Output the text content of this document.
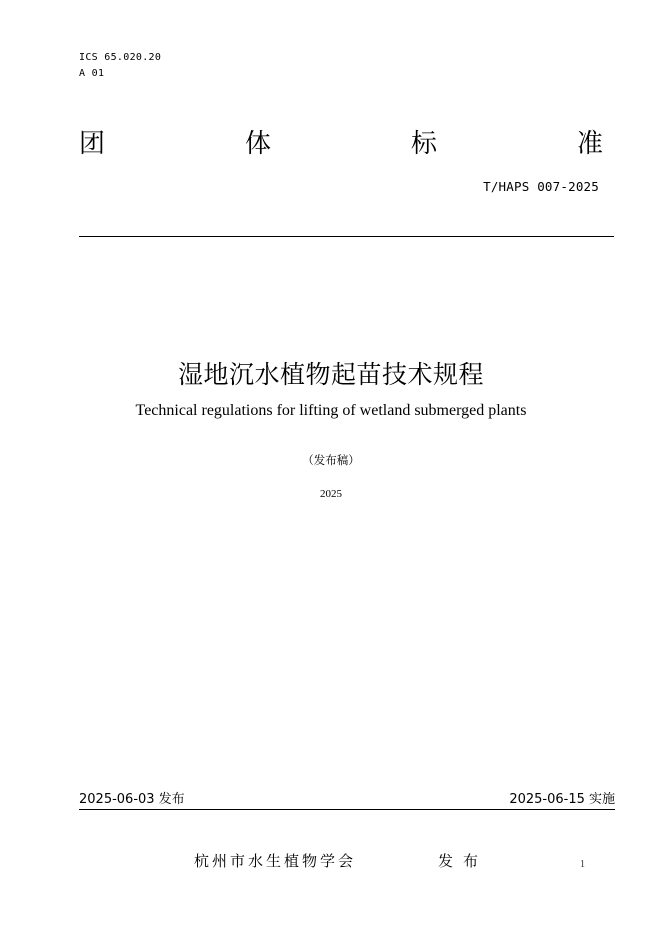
ICS 65.020.20
A 01
团	体	标	准
T/HAPS 007-2025
湿地沉水植物起苗技术规程
Technical regulations for lifting of wetland submerged plants
（发布稿）
2025
2025-06-03 发布	2025-06-15 实施
杭州市水生植物学会	发布	1
